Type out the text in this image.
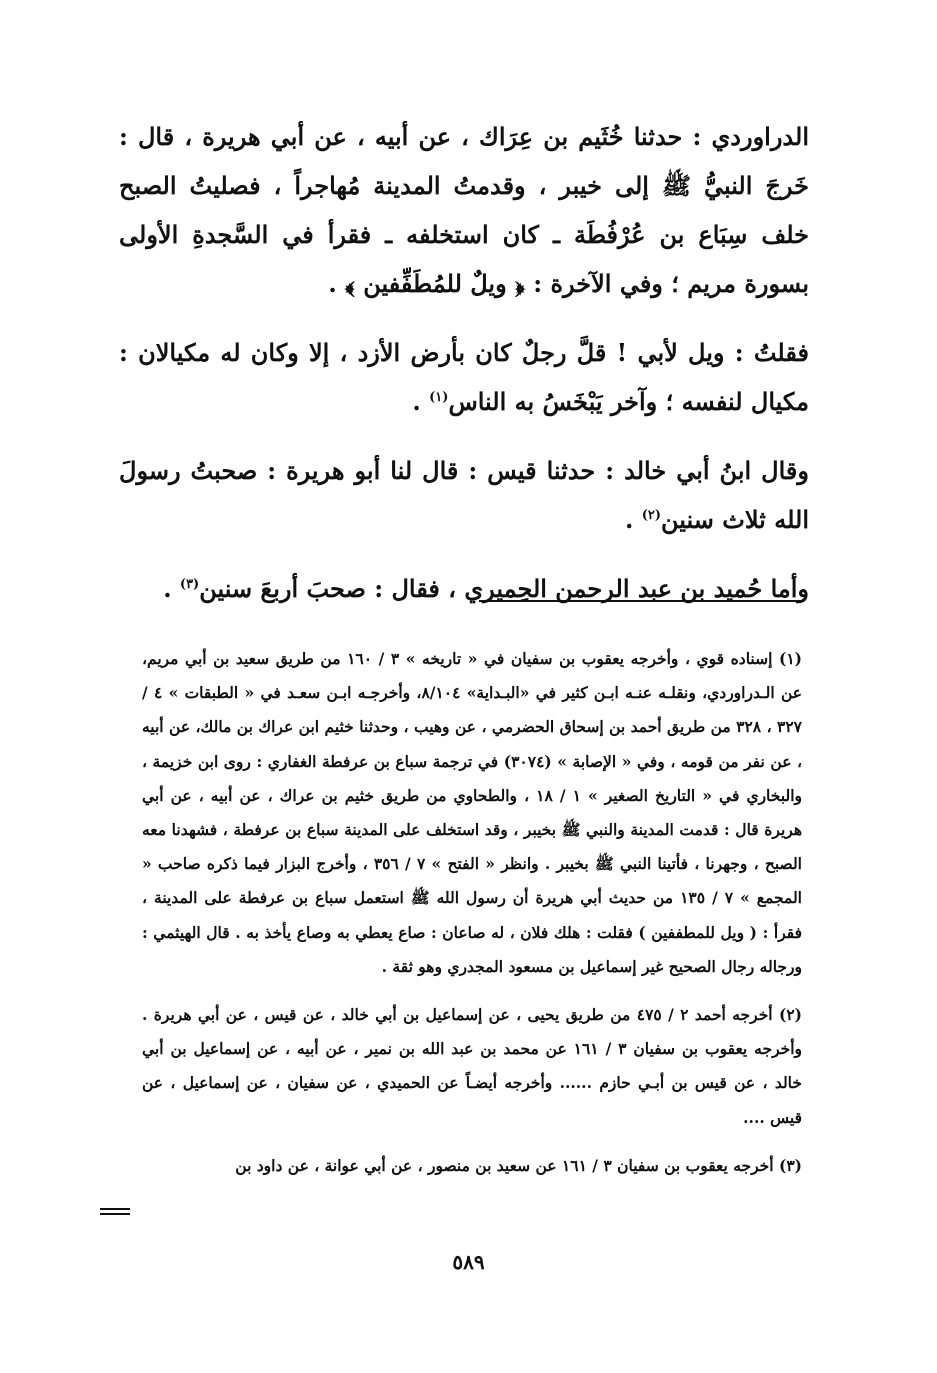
الدراوردي : حدثنا خُثَيم بن عِرَاك ، عن أبيه ، عن أبي هريرة ، قال : خَرجَ النبيُّ ﷺ إلى خيبر ، وقدمتُ المدينة مُهاجراً ، فصليتُ الصبح خلف سِبَاع بن عُرْفُطَة ـ كان استخلفه ـ فقرأ في السَّجدةِ الأولى بسورة مريم ؛ وفي الآخرة : ﴿ ويلٌ للمُطَفِّفين ﴾ .

فقلتُ : ويل لأبي ! قلَّ رجلٌ كان بأرض الأزد ، إلا وكان له مكيالان : مكيال لنفسه ؛ وآخر يَبْخَسُ به الناس$^{(١)}$ .

وقال ابنُ أبي خالد : حدثنا قيس : قال لنا أبو هريرة : صحبتُ رسولَ الله ثلاث سنين$^{(٢)}$ .

وأما حُميد بن عبد الرحمن الحِميري ، فقال : صحبَ أربعَ سنين$^{(٣)}$ .

(١) إسناده قوي ، وأخرجه يعقوب بن سفيان في « تاريخه » ٣ / ١٦٠ من طريق سعيد بن أبي مريم، عن الـدراوردي، ونقلـه عنـه ابـن كثير في «البـداية» ٨/١٠٤، وأخرجـه ابـن سعـد في « الطبقات » ٤ / ٣٢٧ ، ٣٢٨ من طريق أحمد بن إسحاق الحضرمي ، عن وهيب ، وحدثنا خثيم ابن عراك بن مالك، عن أبيه ، عن نفر من قومه ، وفي « الإصابة » (٣٠٧٤) في ترجمة سباع بن عرفطة الغفاري : روى ابن خزيمة ، والبخاري في « التاريخ الصغير » ١ / ١٨ ، والطحاوي من طريق خثيم بن عراك ، عن أبيه ، عن أبي هريرة قال : قدمت المدينة والنبي ﷺ بخيبر ، وقد استخلف على المدينة سباع بن عرفطة ، فشهدنا معه الصبح ، وجهرنا ، فأتينا النبي ﷺ بخيبر . وانظر « الفتح » ٧ / ٣٥٦ ، وأخرج البزار فيما ذكره صاحب « المجمع » ٧ / ١٣٥ من حديث أبي هريرة أن رسول الله ﷺ استعمل سباع بن عرفطة على المدينة ، فقرأ : ( ويل للمطففين ) فقلت : هلك فلان ، له صاعان : صاع يعطي به وصاع يأخذ به . قال الهيثمي : ورجاله رجال الصحيح غير إسماعيل بن مسعود المجدري وهو ثقة .

(٢) أخرجه أحمد ٢ / ٤٧٥ من طريق يحيى ، عن إسماعيل بن أبي خالد ، عن قيس ، عن أبي هريرة . وأخرجه يعقوب بن سفيان ٣ / ١٦١ عن محمد بن عبد الله بن نمير ، عن أبيه ، عن إسماعيل بن أبي خالد ، عن قيس بن أبـي حازم ...... وأخرجه أيضـاً عن الحميدي ، عن سفيان ، عن إسماعيل ، عن قيس ....

(٣) أخرجه يعقوب بن سفيان ٣ / ١٦١ عن سعيد بن منصور ، عن أبي عوانة ، عن داود بن

٥٨٩
